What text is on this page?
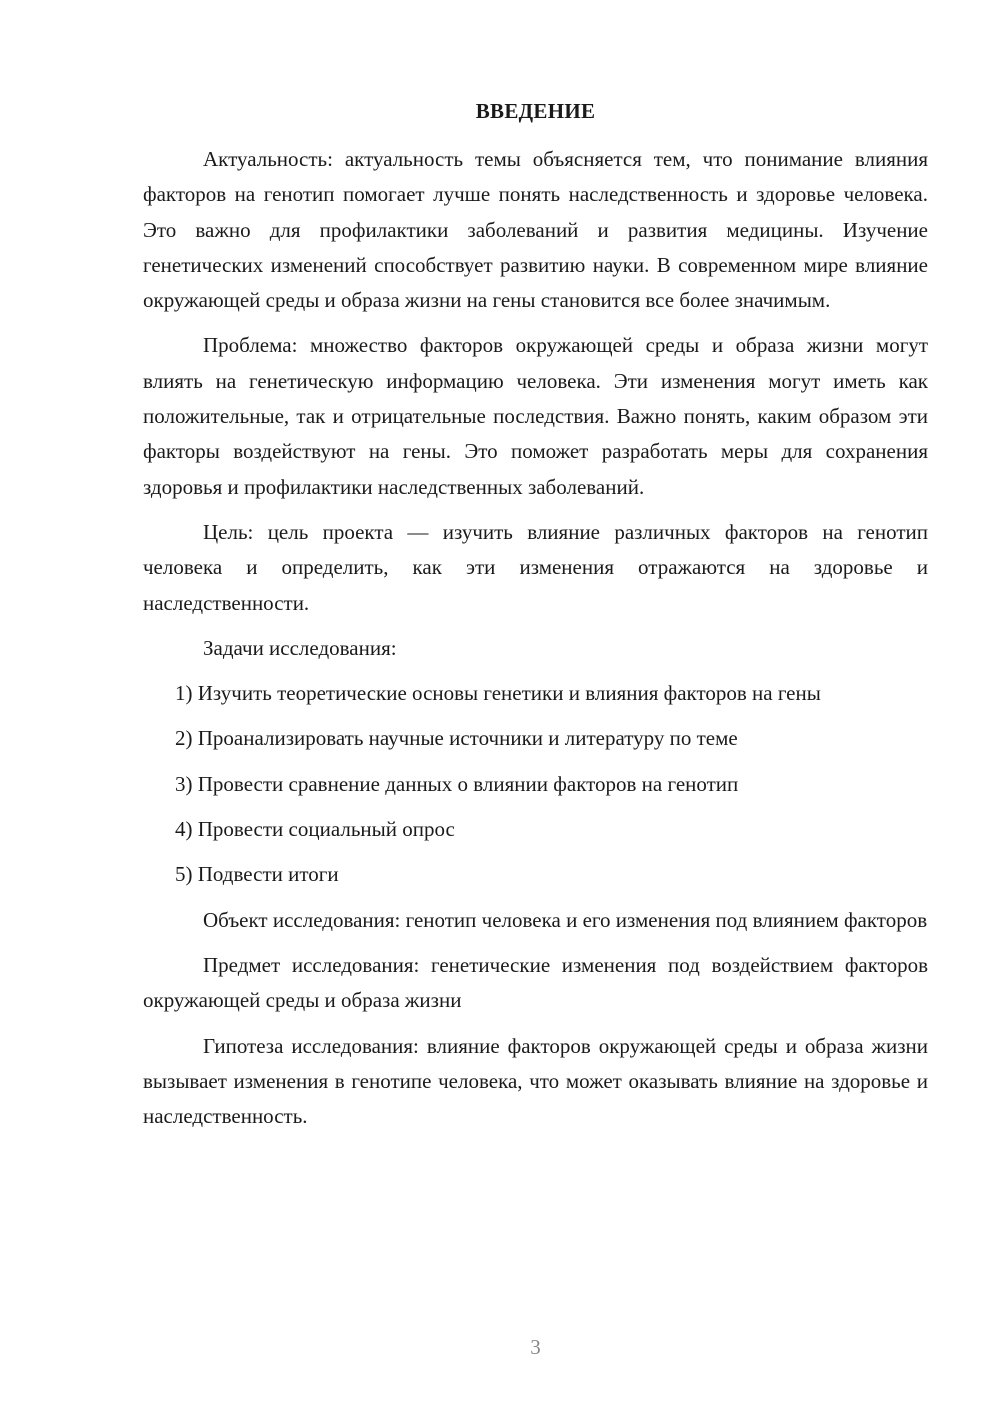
ВВЕДЕНИЕ

Актуальность: актуальность темы объясняется тем, что понимание влияния факторов на генотип помогает лучше понять наследственность и здоровье человека. Это важно для профилактики заболеваний и развития медицины. Изучение генетических изменений способствует развитию науки. В современном мире влияние окружающей среды и образа жизни на гены становится все более значимым.

Проблема: множество факторов окружающей среды и образа жизни могут влиять на генетическую информацию человека. Эти изменения могут иметь как положительные, так и отрицательные последствия. Важно понять, каким образом эти факторы воздействуют на гены. Это поможет разработать меры для сохранения здоровья и профилактики наследственных заболеваний.

Цель: цель проекта — изучить влияние различных факторов на генотип человека и определить, как эти изменения отражаются на здоровье и наследственности.

Задачи исследования:

1) Изучить теоретические основы генетики и влияния факторов на гены

2) Проанализировать научные источники и литературу по теме

3) Провести сравнение данных о влиянии факторов на генотип

4) Провести социальный опрос

5) Подвести итоги

Объект исследования: генотип человека и его изменения под влиянием факторов

Предмет исследования: генетические изменения под воздействием факторов окружающей среды и образа жизни

Гипотеза исследования: влияние факторов окружающей среды и образа жизни вызывает изменения в генотипе человека, что может оказывать влияние на здоровье и наследственность.

3
